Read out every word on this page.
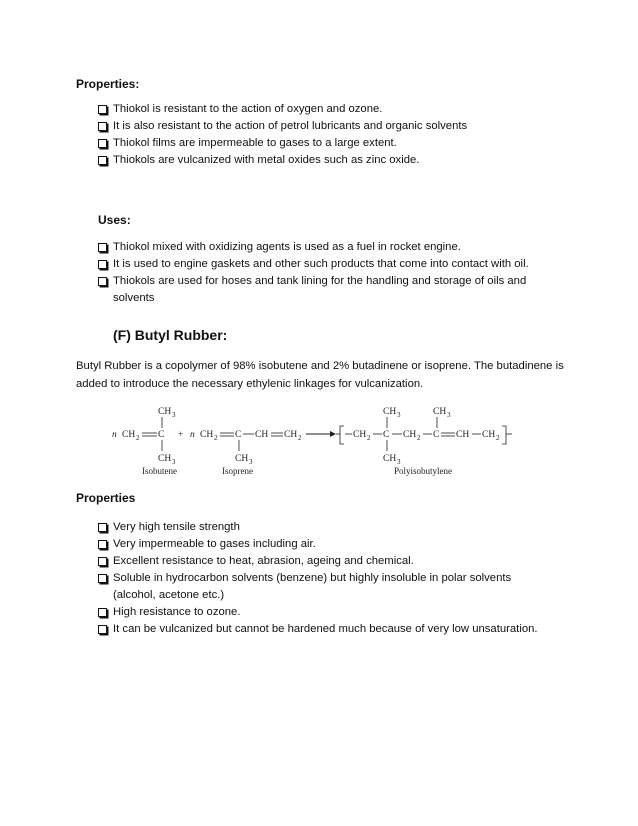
Properties:
Thiokol is resistant to the action of oxygen and ozone.
It is also resistant to the action of petrol lubricants and organic solvents
Thiokol films are impermeable to gases to a large extent.
Thiokols are vulcanized with metal oxides such as zinc oxide.
Uses:
Thiokol mixed with oxidizing agents is used as a fuel in rocket engine.
It is used to engine gaskets and other such products that come into contact with oil.
Thiokols are used for hoses and tank lining for the handling and storage of oils and solvents
(F) Butyl Rubber:
Butyl Rubber is a copolymer of 98% isobutene and 2% butadinene or isoprene. The butadinene is added to introduce the necessary ethylenic linkages for vulcanization.
n CH 2 C
CH 3
CH 3
+ n CH 2 C CH CH 2
CH 3
CH 2 C
CH 3
CH 3
CH 2 C
CH 3
CH CH 2
Isobutene	Isoprene	Polyisobutylene
Properties
Very high tensile strength
Very impermeable to gases including air.
Excellent resistance to heat, abrasion, ageing and chemical.
Soluble in hydrocarbon solvents (benzene) but highly insoluble in polar solvents (alcohol, acetone etc.)
High resistance to ozone.
It can be vulcanized but cannot be hardened much because of very low unsaturation.
